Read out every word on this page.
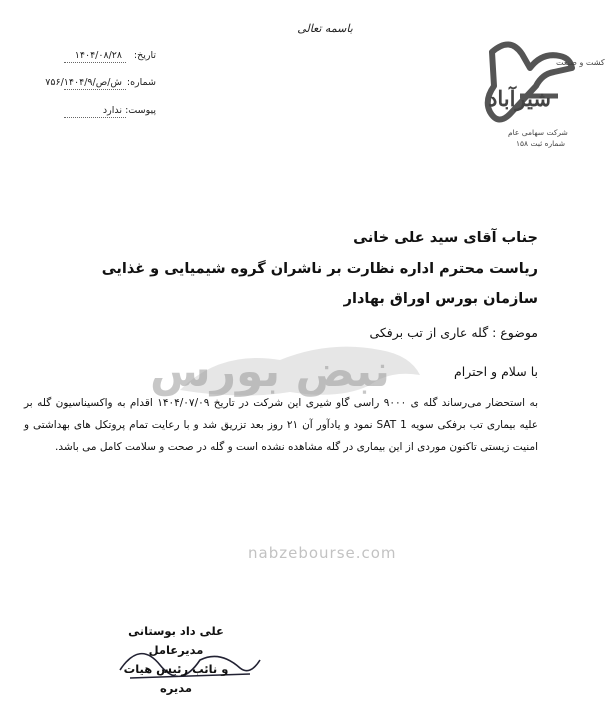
باسمه تعالی
تاریخ:
۱۴۰۴/۰۸/۲۸
شماره:
۷۵۶/ش/ص/۱۴۰۴/۹
پیوست:
ندارد
کشت و صنعت
شیرآباد
شرکت سهامی عام
شماره ثبت ۱۵۸
نبض بورس
nabzebourse.com
جناب آقای سید علی خانی
ریاست محترم اداره نظارت بر ناشران گروه شیمیایی و غذایی سازمان بورس اوراق بهادار
موضوع : گله عاری از تب برفکی
با سلام و احترام
به استحضار می‌رساند گله ی ۹۰۰۰ راسی گاو شیری این شرکت در تاریخ ۱۴۰۴/۰۷/۰۹ اقدام به واکسیناسیون گله بر علیه بیماری تب برفکی سویه SAT 1 نمود و یادآور آن ۲۱ روز بعد تزریق شد و با رعایت تمام پروتکل های بهداشتی و امنیت زیستی تاکنون موردی از این بیماری در گله مشاهده نشده است و گله در صحت و سلامت کامل می باشد.
علی داد بوستانی
مدیرعامل
و نائب رئیس هیات مدیره
